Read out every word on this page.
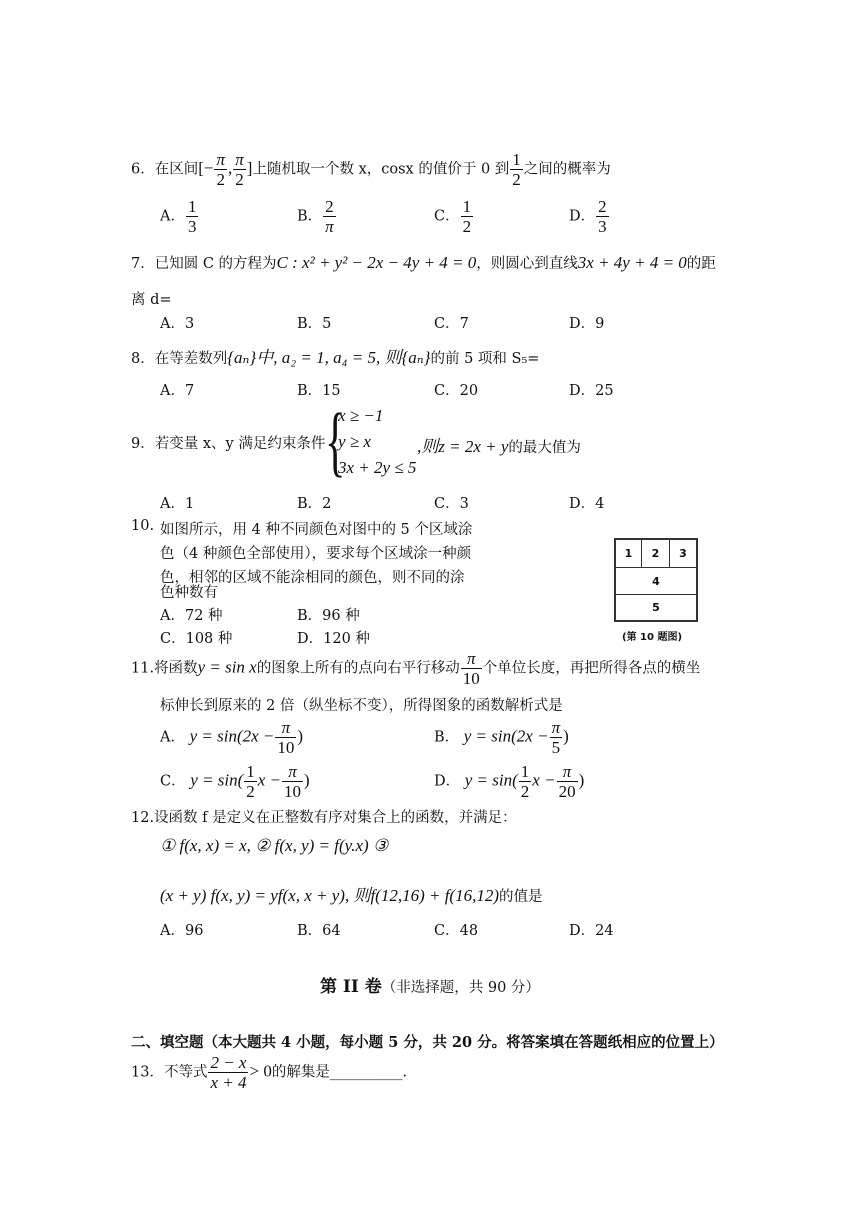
6．在区间[− $\frac{\pi}{2}$ , $\frac{\pi}{2}$ ]上随机取一个数 x，cosx 的值价于 0 到 $\frac{1}{2}$ 之间的概率为
A． $\frac{1}{3}$	B． $\frac{2}{\pi}$	C． $\frac{1}{2}$	D． $\frac{2}{3}$
7．已知圆 C 的方程为C : x² + y² − 2x − 4y + 4 = 0，则圆心到直线3x + 4y + 4 = 0的距
离 d=
A．3	B．5	C．7	D．9
8．在等差数列{aₙ}中, a₂ = 1, a₄ = 5, 则{aₙ}的前 5 项和 S₅=
A．7	B．15	C．20	D．25
9．若变量 x、y 满足约束条件 {
x ≥ −1
y ≥ x
3x + 2y ≤ 5
,则z = 2x + y的最大值为
A．1	B．2	C．3	D．4
10. 如图所示，用 4 种不同颜色对图中的 5 个区域涂
色（4 种颜色全部使用），要求每个区域涂一种颜
色，相邻的区域不能涂相同的颜色，则不同的涂
色种数有
A．72 种	B．96 种
C．108 种	D．120 种
1	2	3
4
5
(第 10 题图)
11.将函数y = sin x的图象上所有的点向右平行移动 $\frac{\pi}{10}$ 个单位长度，再把所得各点的横坐
标伸长到原来的 2 倍（纵坐标不变），所得图象的函数解析式是
A． $y = \sin(2x - \frac{\pi}{10}$ )	B． $y = \sin(2x - \frac{\pi}{5}$ )
C． $y = \sin( \frac{1}{2}$ $x - \frac{\pi}{10}$ )	D． $y = \sin( \frac{1}{2}$ $x - \frac{\pi}{20}$ )
12.设函数 f 是定义在正整数有序对集合上的函数，并满足：
① f(x, x) = x, ② f(x, y) = f(y.x) ③
(x + y) f(x, y) = yf(x, x + y), 则f(12,16) + f(16,12)的值是
A．96	B．64	C．48	D．24
第 II 卷（非选择题，共 90 分）
二、填空题（本大题共 4 小题，每小题 5 分，共 20 分。将答案填在答题纸相应的位置上）
13．不等式 $\frac{2 - x}{x + 4} > 0$的解集是__________.
